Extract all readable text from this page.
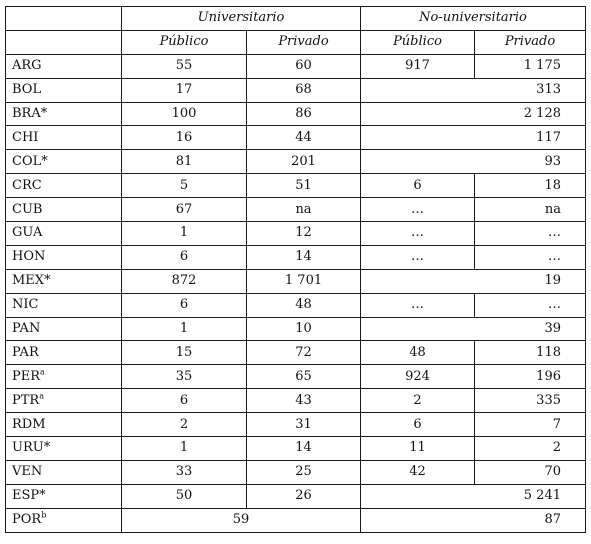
	Universitario		No-universitario	
	Público	Privado	Público	Privado
ARG	55	60	917	1 175
BOL	17	68	313	
BRA*	100	86	2 128	
CHI	16	44	117	
COL*	81	201	93	
CRC	5	51	6	18
CUB	67	na	…	na
GUA	1	12	…	…
HON	6	14	…	…
MEX*	872	1 701	19	
NIC	6	48	…	…
PAN	1	10	39	
PAR	15	72	48	118
PER$^a$	35	65	924	196
PTR$^a$	6	43	2	335
RDM	2	31	6	7
URU*	1	14	11	2
VEN	33	25	42	70
ESP*	50	26	5 241	
POR$^b$	59		87	
